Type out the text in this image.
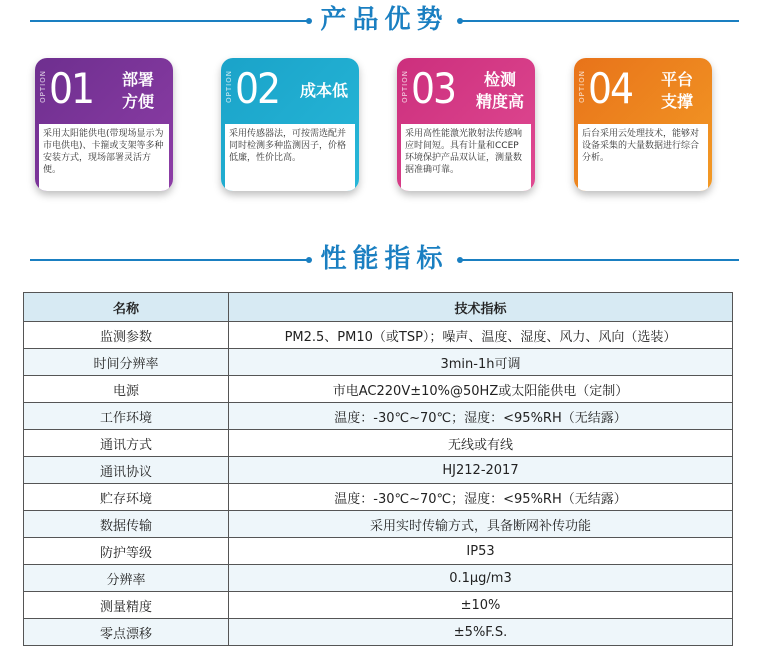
产品优势
OPTION 01	部署
方便
采用太阳能供电(带现场显示为市电供电)、卡箍或支架等多种安装方式，现场部署灵活方便。
OPTION 02	成本低
采用传感器法，可按需选配并同时检测多种监测因子，价格低廉，性价比高。
OPTION 03	检测
精度高
采用高性能激光散射法传感响应时间短。具有计量和CCEP环境保护产品双认证，测量数据准确可靠。
OPTION 04	平台
支撑
后台采用云处理技术，能够对设备采集的大量数据进行综合分析。
性能指标
名称	技术指标
监测参数	PM2.5、PM10（或TSP）；噪声、温度、湿度、风力、风向（选装）
时间分辨率	3min-1h可调
电源	市电AC220V±10%@50HZ或太阳能供电（定制）
工作环境	温度：-30℃~70℃；湿度：<95%RH（无结露）
通讯方式	无线或有线
通讯协议	HJ212-2017
贮存环境	温度：-30℃~70℃；湿度：<95%RH（无结露）
数据传输	采用实时传输方式，具备断网补传功能
防护等级	IP53
分辨率	0.1μg/m3
测量精度	±10%
零点漂移	±5%F.S.
